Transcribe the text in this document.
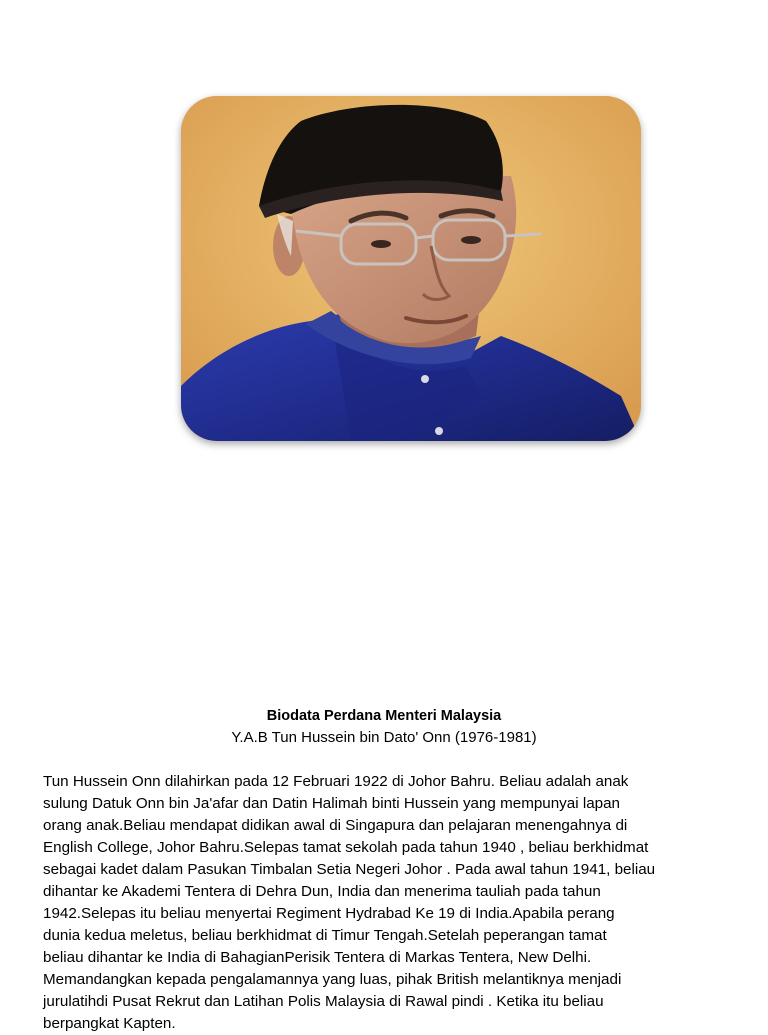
Biodata Perdana Menteri Malaysia
Y.A.B Tun Hussein bin Dato' Onn (1976-1981)
Tun Hussein Onn dilahirkan pada 12 Februari 1922 di Johor Bahru. Beliau adalah anak
sulung Datuk Onn bin Ja'afar dan Datin Halimah binti Hussein yang mempunyai lapan
orang anak.Beliau mendapat didikan awal di Singapura dan pelajaran menengahnya di
English College, Johor Bahru.Selepas tamat sekolah pada tahun 1940 , beliau berkhidmat
sebagai kadet dalam Pasukan Timbalan Setia Negeri Johor . Pada awal tahun 1941, beliau
dihantar ke Akademi Tentera di Dehra Dun, India dan menerima tauliah pada tahun
1942.Selepas itu beliau menyertai Regiment Hydrabad Ke 19 di India.Apabila perang
dunia kedua meletus, beliau berkhidmat di Timur Tengah.Setelah peperangan tamat
beliau dihantar ke India di BahagianPerisik Tentera di Markas Tentera, New Delhi.
Memandangkan kepada pengalamannya yang luas, pihak British melantiknya menjadi
jurulatihdi Pusat Rekrut dan Latihan Polis Malaysia di Rawal pindi . Ketika itu beliau
berpangkat Kapten.
